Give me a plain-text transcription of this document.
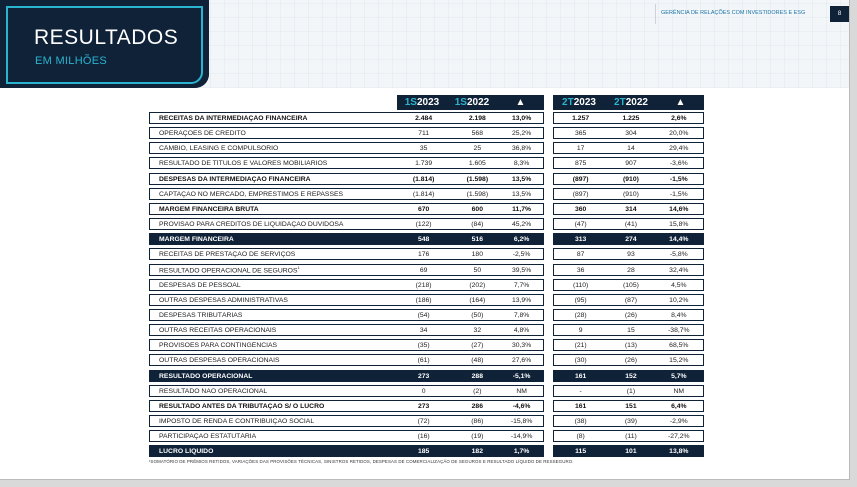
RESULTADOS
EM MILHÕES
GERÊNCIA DE RELAÇÕES COM INVESTIDORES E ESG	8
1S2023	1S2022	▲	2T2023	2T2022	▲
RECEITAS DA INTERMEDIAÇÃO FINANCEIRA	2.484	2.198	13,0%	1.257	1.225	2,6%
OPERAÇÕES DE CRÉDITO	711	568	25,2%	365	304	20,0%
CÂMBIO, LEASING E COMPULSÓRIO	35	25	36,8%	17	14	29,4%
RESULTADO DE TÍTULOS E VALORES MOBILIÁRIOS	1.739	1.605	8,3%	875	907	-3,6%
DESPESAS DA INTERMEDIAÇÃO FINANCEIRA	(1.814)	(1.598)	13,5%	(897)	(910)	-1,5%
CAPTAÇÃO NO MERCADO, EMPRÉSTIMOS E REPASSES	(1.814)	(1.598)	13,5%	(897)	(910)	-1,5%
MARGEM FINANCEIRA BRUTA	670	600	11,7%	360	314	14,6%
PROVISÃO PARA CRÉDITOS DE LIQUIDAÇÃO DUVIDOSA	(122)	(84)	45,2%	(47)	(41)	15,8%
MARGEM FINANCEIRA	548	516	6,2%	313	274	14,4%
RECEITAS DE PRESTAÇÃO DE SERVIÇOS	176	180	-2,5%	87	93	-5,8%
RESULTADO OPERACIONAL DE SEGUROS$^1$	69	50	39,5%	36	28	32,4%
DESPESAS DE PESSOAL	(218)	(202)	7,7%	(110)	(105)	4,5%
OUTRAS DESPESAS ADMINISTRATIVAS	(186)	(164)	13,9%	(95)	(87)	10,2%
DESPESAS TRIBUTÁRIAS	(54)	(50)	7,8%	(28)	(26)	8,4%
OUTRAS RECEITAS OPERACIONAIS	34	32	4,8%	9	15	-38,7%
PROVISÕES PARA CONTINGÊNCIAS	(35)	(27)	30,3%	(21)	(13)	68,5%
OUTRAS DESPESAS OPERACIONAIS	(61)	(48)	27,6%	(30)	(26)	15,2%
RESULTADO OPERACIONAL	273	288	-5,1%	161	152	5,7%
RESULTADO NÃO OPERACIONAL	0	(2)	NM	-	(1)	NM
RESULTADO ANTES DA TRIBUTAÇÃO S/ O LUCRO	273	286	-4,6%	161	151	6,4%
IMPOSTO DE RENDA E CONTRIBUIÇÃO SOCIAL	(72)	(86)	-15,8%	(38)	(39)	-2,9%
PARTICIPAÇÃO ESTATUTÁRIA	(16)	(19)	-14,9%	(8)	(11)	-27,2%
LUCRO LÍQUIDO	185	182	1,7%	115	101	13,8%
¹SOMATÓRIO DE PRÊMIOS RETIDOS, VARIAÇÕES DAS PROVISÕES TÉCNICAS, SINISTROS RETIDOS, DESPESAS DE COMERCIALIZAÇÃO DE SEGUROS E RESULTADO LÍQUIDO DE RESSEGURO.
